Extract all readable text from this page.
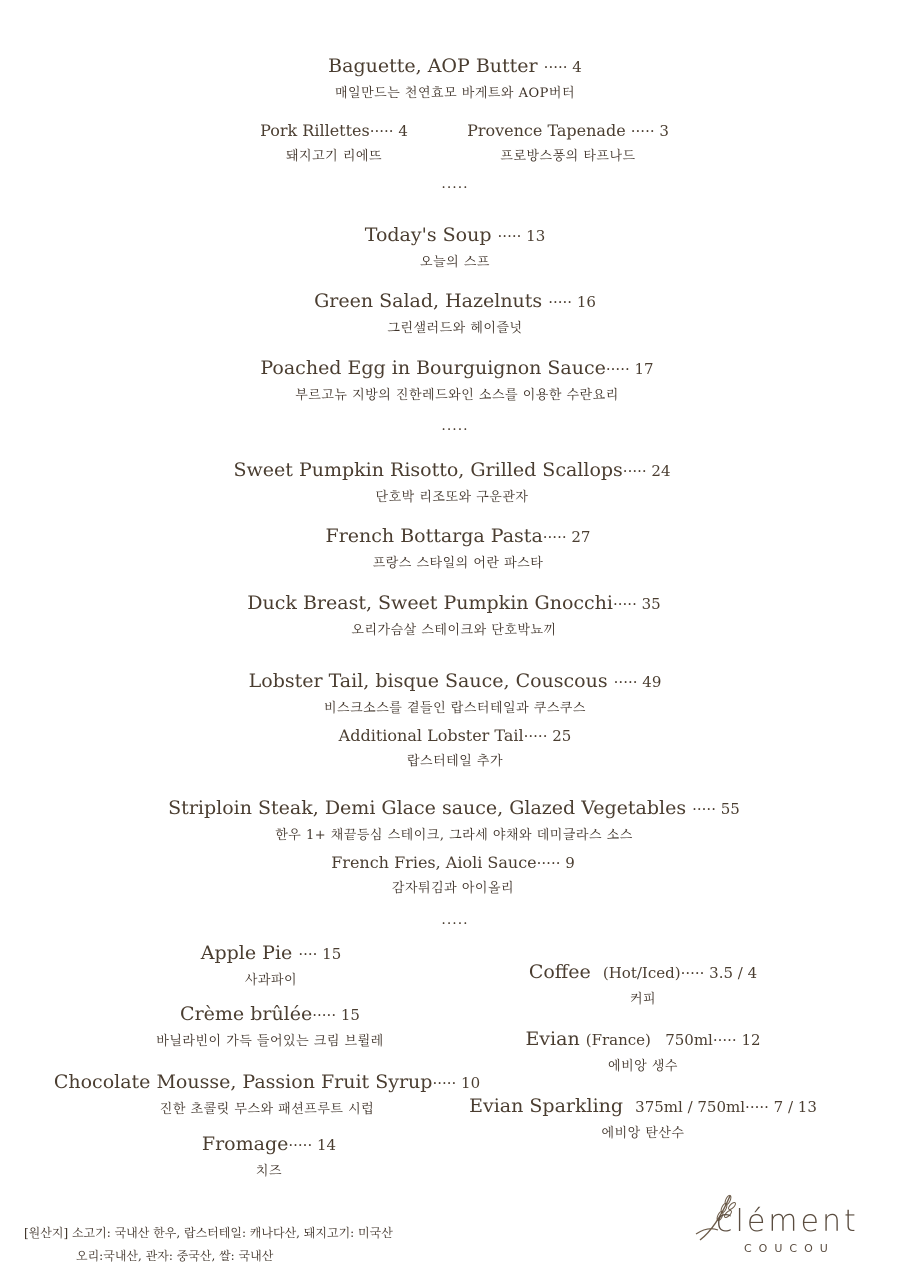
Baguette, AOP Butter ····· 4
매일만드는 천연효모 바게트와 AOP버터
Pork Rillettes····· 4
돼지고기 리에뜨
Provence Tapenade ····· 3
프로방스풍의 타프나드
·····
Today's Soup ····· 13
오늘의 스프
Green Salad, Hazelnuts ····· 16
그린샐러드와 헤이즐넛
Poached Egg in Bourguignon Sauce····· 17
부르고뉴 지방의 진한레드와인 소스를 이용한 수란요리
·····
Sweet Pumpkin Risotto, Grilled Scallops····· 24
단호박 리조또와 구운관자
French Bottarga Pasta····· 27
프랑스 스타일의 어란 파스타
Duck Breast, Sweet Pumpkin Gnocchi····· 35
오리가슴살 스테이크와 단호박뇨끼
Lobster Tail, bisque Sauce, Couscous ····· 49
비스크소스를 곁들인 랍스터테일과 쿠스쿠스
Additional Lobster Tail····· 25
랍스터테일 추가
Striploin Steak, Demi Glace sauce, Glazed Vegetables ····· 55
한우 1+ 채끝등심 스테이크, 그라세 야채와 데미글라스 소스
French Fries, Aioli Sauce····· 9
감자튀김과 아이올리
·····
Apple Pie ···· 15
사과파이
Crème brûlée····· 15
바닐라빈이 가득 들어있는 크림 브륄레
Chocolate Mousse, Passion Fruit Syrup····· 10
진한 초콜릿 무스와 패션프루트 시럽
Fromage····· 14
치즈
Coffee (Hot/Iced)····· 3.5 / 4
커피
Evian (France)   750ml····· 12
에비앙 생수
Evian Sparkling 375ml / 750ml····· 7 / 13
에비앙 탄산수
[원산지] 소고기: 국내산 한우, 랍스터테일: 캐나다산, 돼지고기: 미국산
오리:국내산, 관자: 중국산, 쌀: 국내산
clément
COUCOU
